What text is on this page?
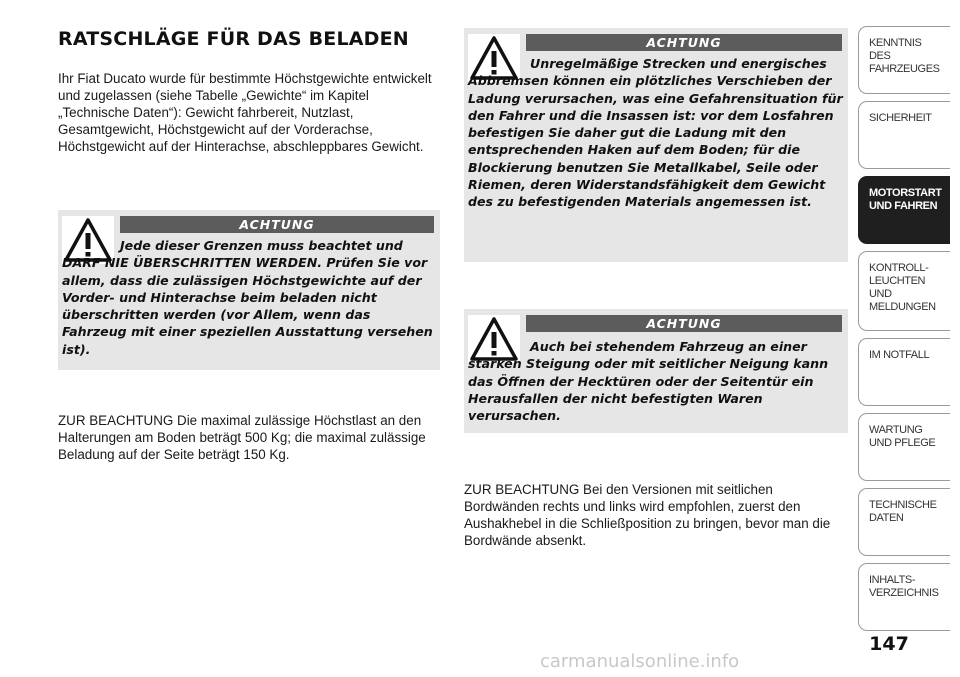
RATSCHLÄGE FÜR DAS BELADEN

Ihr Fiat Ducato wurde für bestimmte Höchstgewichte entwickelt und zugelassen (siehe Tabelle „Gewichte“ im Kapitel „Technische Daten“): Gewicht fahrbereit, Nutzlast, Gesamtgewicht, Höchstgewicht auf der Vorderachse, Höchstgewicht auf der Hinterachse, abschleppbares Gewicht.

ACHTUNG

Jede dieser Grenzen muss beachtet und DARF NIE ÜBERSCHRITTEN WERDEN. Prüfen Sie vor allem, dass die zulässigen Höchstgewichte auf der Vorder- und Hinterachse beim beladen nicht überschritten werden (vor Allem, wenn das Fahrzeug mit einer speziellen Ausstattung versehen ist).

ZUR BEACHTUNG Die maximal zulässige Höchstlast an den Halterungen am Boden beträgt 500 Kg; die maximal zulässige Beladung auf der Seite beträgt 150 Kg.

ACHTUNG

Unregelmäßige Strecken und energisches Abbremsen können ein plötzliches Verschieben der Ladung verursachen, was eine Gefahrensituation für den Fahrer und die Insassen ist: vor dem Losfahren befestigen Sie daher gut die Ladung mit den entsprechenden Haken auf dem Boden; für die Blockierung benutzen Sie Metallkabel, Seile oder Riemen, deren Widerstandsfähigkeit dem Gewicht des zu befestigenden Materials angemessen ist.

ACHTUNG

Auch bei stehendem Fahrzeug an einer starken Steigung oder mit seitlicher Neigung kann das Öffnen der Hecktüren oder der Seitentür ein Herausfallen der nicht befestigten Waren verursachen.

ZUR BEACHTUNG Bei den Versionen mit seitlichen Bordwänden rechts und links wird empfohlen, zuerst den Aushakhebel in die Schließposition zu bringen, bevor man die Bordwände absenkt.

KENNTNIS
DES FAHRZEUGES
SICHERHEIT
MOTORSTART
UND FAHREN
KONTROLL-
LEUCHTEN
UND MELDUNGEN
IM NOTFALL
WARTUNG
UND PFLEGE
TECHNISCHE
DATEN
INHALTS-
VERZEICHNIS
147
carmanualsonline.info
